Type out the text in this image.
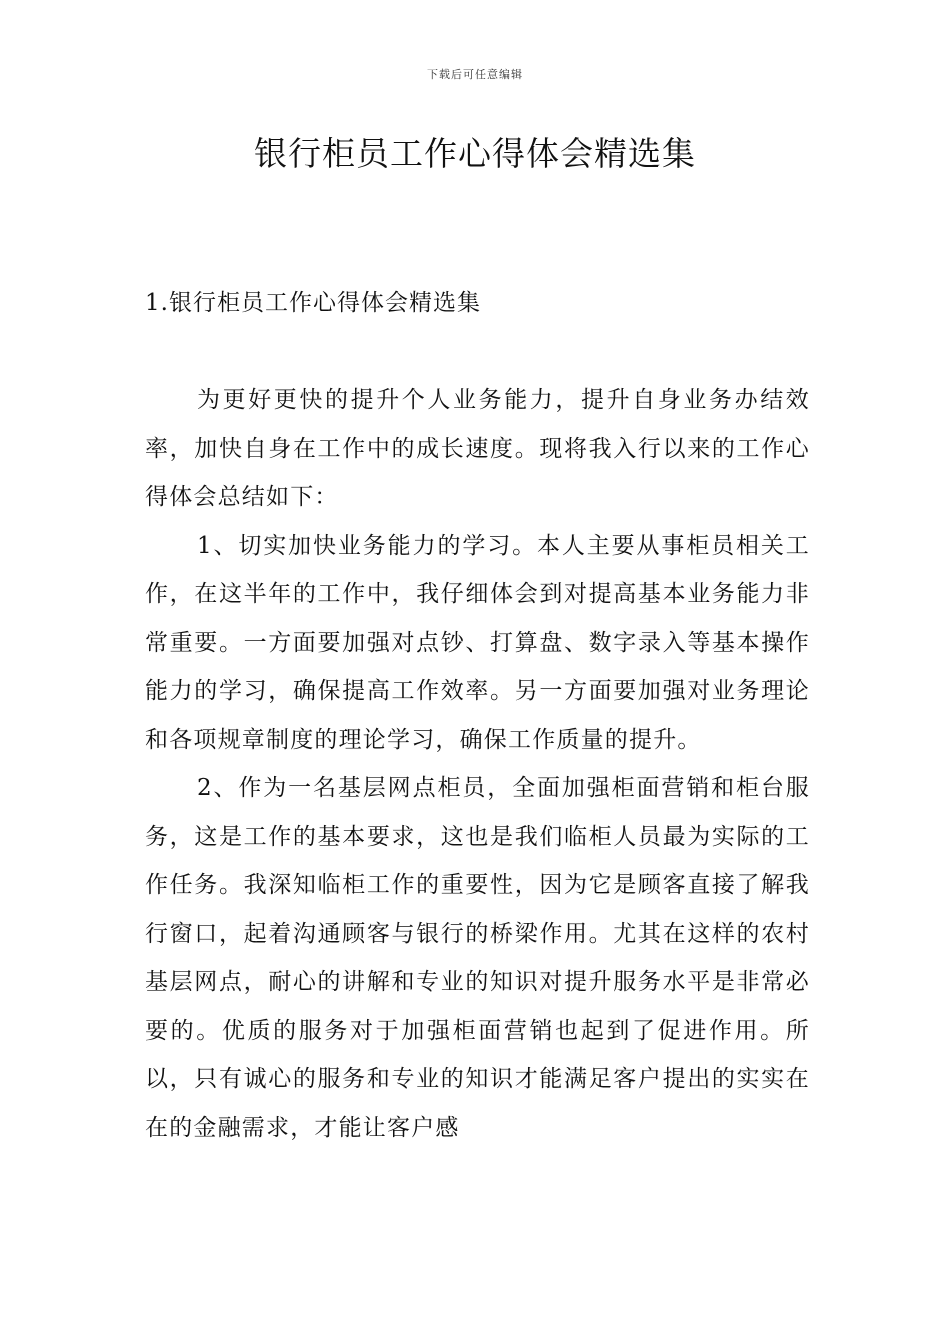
下载后可任意编辑
银行柜员工作心得体会精选集
1.银行柜员工作心得体会精选集

为更好更快的提升个人业务能力，提升自身业务办结效率，加快自身在工作中的成长速度。现将我入行以来的工作心得体会总结如下：

1、切实加快业务能力的学习。本人主要从事柜员相关工作，在这半年的工作中，我仔细体会到对提高基本业务能力非常重要。一方面要加强对点钞、打算盘、数字录入等基本操作能力的学习，确保提高工作效率。另一方面要加强对业务理论和各项规章制度的理论学习，确保工作质量的提升。

2、作为一名基层网点柜员，全面加强柜面营销和柜台服务，这是工作的基本要求，这也是我们临柜人员最为实际的工作任务。我深知临柜工作的重要性，因为它是顾客直接了解我行窗口，起着沟通顾客与银行的桥梁作用。尤其在这样的农村基层网点，耐心的讲解和专业的知识对提升服务水平是非常必要的。优质的服务对于加强柜面营销也起到了促进作用。所以，只有诚心的服务和专业的知识才能满足客户提出的实实在在的金融需求，才能让客户感
